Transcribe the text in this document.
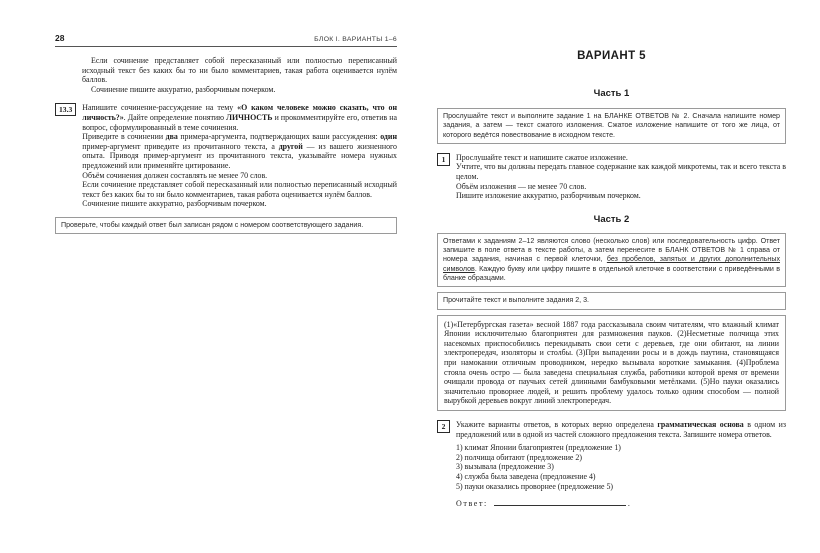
28	БЛОК I. ВАРИАНТЫ 1–6

Если сочинение представляет собой пересказанный или полностью переписанный исходный текст без каких бы то ни было комментариев, такая работа оценивается нулём баллов.

Сочинение пишите аккуратно, разборчивым почерком.

13.3	Напишите сочинение-рассуждение на тему «О каком человеке можно сказать, что он личность?». Дайте определение понятию ЛИЧНОСТЬ и прокомментируйте его, ответив на вопрос, сформулированный в теме сочинения.

Приведите в сочинении два примера-аргумента, подтверждающих ваши рассуждения: один пример-аргумент приведите из прочитанного текста, а другой — из вашего жизненного опыта. Приводя пример-аргумент из прочитанного текста, указывайте номера нужных предложений или применяйте цитирование.

Объём сочинения должен составлять не менее 70 слов.

Если сочинение представляет собой пересказанный или полностью переписанный исходный текст без каких бы то ни было комментариев, такая работа оценивается нулём баллов.

Сочинение пишите аккуратно, разборчивым почерком.

Проверьте, чтобы каждый ответ был записан рядом с номером соответствующего задания.
ВАРИАНТ 5
Часть 1
Прослушайте текст и выполните задание 1 на БЛАНКЕ ОТВЕТОВ № 2. Сначала напишите номер задания, а затем — текст сжатого изложения. Сжатое изложение напишите от того же лица, от которого ведётся повествование в исходном тексте.
1	Прослушайте текст и напишите сжатое изложение.

Учтите, что вы должны передать главное содержание как каждой микротемы, так и всего текста в целом.

Объём изложения — не менее 70 слов.

Пишите изложение аккуратно, разборчивым почерком.

Часть 2
Ответами к заданиям 2–12 являются слово (несколько слов) или последовательность цифр. Ответ запишите в поле ответа в тексте работы, а затем перенесите в БЛАНК ОТВЕТОВ № 1 справа от номера задания, начиная с первой клеточки, без пробелов, запятых и других дополнительных символов. Каждую букву или цифру пишите в отдельной клеточке в соответствии с приведёнными в бланке образцами.
Прочитайте текст и выполните задания 2, 3.

(1)«Петербургская газета» весной 1887 года рассказывала своим читателям, что влажный климат Японии исключительно благоприятен для размножения пауков. (2)Несметные полчища этих насекомых приспособились перекидывать свои сети с деревьев, где они обитают, на линии электропередач, изоляторы и столбы. (3)При выпадении росы и в дождь паутина, становящаяся при намокании отличным проводником, нередко вызывала короткие замыкания. (4)Проблема стояла очень остро — была заведена специальная служба, работники которой время от времени очищали провода от паучьих сетей длинными бамбуковыми метёлками. (5)Но пауки оказались значительно проворнее людей, и решить проблему удалось только одним способом — полной вырубкой деревьев вокруг линий электропередач.

2	Укажите варианты ответов, в которых верно определена грамматическая основа в одном из предложений или в одной из частей сложного предложения текста. Запишите номера ответов.

1) климат Японии благоприятен (предложение 1)

2) полчища обитают (предложение 2)

3) вызывала (предложение 3)

4) служба была заведена (предложение 4)

5) пауки оказались проворнее (предложение 5)

Ответ:	.
